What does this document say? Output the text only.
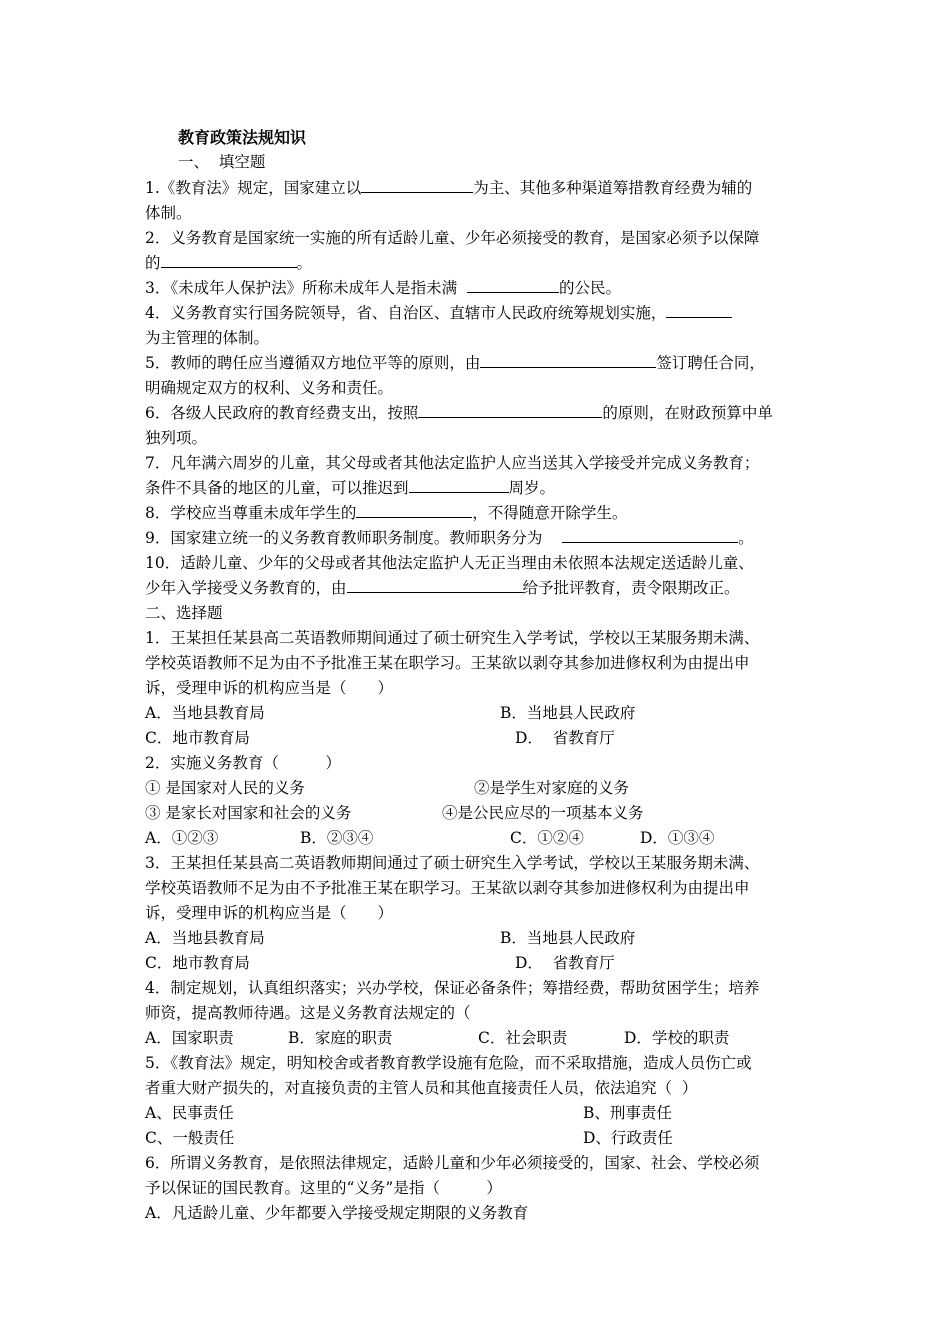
教育政策法规知识
一、  填空题
1.《教育法》规定，国家建立以	为主、其他多种渠道筹措教育经费为辅的
体制。
2．义务教育是国家统一实施的所有适龄儿童、少年必须接受的教育，是国家必须予以保障
的	。
3．《未成年人保护法》所称未成年人是指未满	的公民。
4．义务教育实行国务院领导，省、自治区、直辖市人民政府统筹规划实施，
为主管理的体制。
5．教师的聘任应当遵循双方地位平等的原则，由	签订聘任合同，
明确规定双方的权利、义务和责任。
6．各级人民政府的教育经费支出，按照	的原则，在财政预算中单
独列项。
7．凡年满六周岁的儿童，其父母或者其他法定监护人应当送其入学接受并完成义务教育；
条件不具备的地区的儿童，可以推迟到	周岁。
8．学校应当尊重未成年学生的	，不得随意开除学生。
9．国家建立统一的义务教育教师职务制度。教师职务分为	。
10．适龄儿童、少年的父母或者其他法定监护人无正当理由未依照本法规定送适龄儿童、
少年入学接受义务教育的，由	给予批评教育，责令限期改正。
二、选择题
1．王某担任某县高二英语教师期间通过了硕士研究生入学考试，学校以王某服务期未满、
学校英语教师不足为由不予批准王某在职学习。王某欲以剥夺其参加进修权利为由提出申
诉，受理申诉的机构应当是（　　）
A．当地县教育局	B．当地县人民政府
C．地市教育局	D．  省教育厅
2．实施义务教育（　　　）
① 是国家对人民的义务	②是学生对家庭的义务
③ 是家长对国家和社会的义务	④是公民应尽的一项基本义务
A．①②③	B．②③④	C．①②④	D．①③④
3．王某担任某县高二英语教师期间通过了硕士研究生入学考试，学校以王某服务期未满、
学校英语教师不足为由不予批准王某在职学习。王某欲以剥夺其参加进修权利为由提出申
诉，受理申诉的机构应当是（　　）
A．当地县教育局	B．当地县人民政府
C．地市教育局	D．  省教育厅
4．制定规划，认真组织落实；兴办学校，保证必备条件；筹措经费，帮助贫困学生；培养
师资，提高教师待遇。这是义务教育法规定的（
A．国家职责	B．家庭的职责	C．社会职责	D．学校的职责
5．《教育法》规定，明知校舍或者教育教学设施有危险，而不采取措施，造成人员伤亡或
者重大财产损失的，对直接负责的主管人员和其他直接责任人员，依法追究（  ）
A、民事责任	B、刑事责任
C、一般责任	D、行政责任
6．所谓义务教育，是依照法律规定，适龄儿童和少年必须接受的，国家、社会、学校必须
予以保证的国民教育。这里的“义务”是指（　　　）
A．凡适龄儿童、少年都要入学接受规定期限的义务教育
